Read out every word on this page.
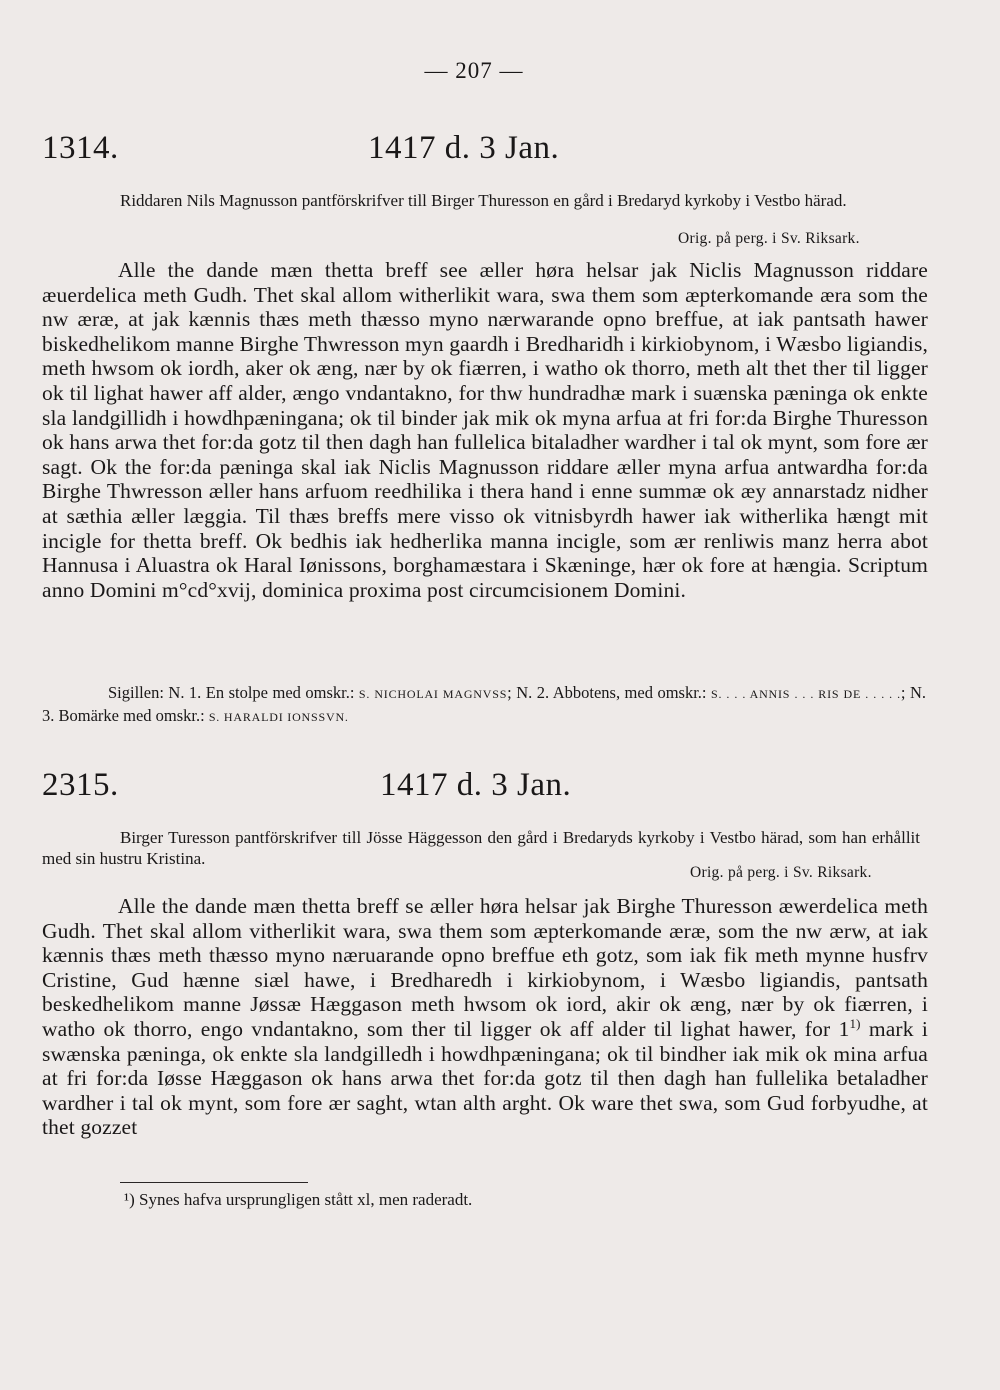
— 207 —
1314.	1417 d. 3 Jan.
Riddaren Nils Magnusson pantförskrifver till Birger Thuresson en gård i Bredaryd kyrkoby i Vestbo härad.
Orig. på perg. i Sv. Riksark.
Alle the dande mæn thetta breff see æller høra helsar jak Niclis Magnusson riddare æuerdelica meth Gudh. Thet skal allom witherlikit wara, swa them som æpterkomande æra som the nw æræ, at jak kænnis thæs meth thæsso myno nærwarande opno breffue, at iak pantsath hawer biskedhelikom manne Birghe Thwresson myn gaardh i Bredharidh i kirkiobynom, i Wæsbo ligiandis, meth hwsom ok iordh, aker ok æng, nær by ok fiærren, i watho ok thorro, meth alt thet ther til ligger ok til lighat hawer aff alder, ængo vndantakno, for thw hundradhæ mark i suænska pæninga ok enkte sla landgillidh i howdhpæningana; ok til binder jak mik ok myna arfua at fri for:da Birghe Thuresson ok hans arwa thet for:da gotz til then dagh han fullelica bitaladher wardher i tal ok mynt, som fore ær sagt. Ok the for:da pæninga skal iak Niclis Magnusson riddare æller myna arfua antwardha for:da Birghe Thwresson æller hans arfuom reedhilika i thera hand i enne summæ ok æy annarstadz nidher at sæthia æller læggia. Til thæs breffs mere visso ok vitnisbyrdh hawer iak witherlika hængt mit incigle for thetta breff. Ok bedhis iak hedherlika manna incigle, som ær renliwis manz herra abot Hannusa i Aluastra ok Haral Iønissons, borghamæstara i Skæninge, hær ok fore at hængia. Scriptum anno Domini m°cd°xvij, dominica proxima post circumcisionem Domini.
Sigillen: N. 1. En stolpe med omskr.: S. NICHOLAI MAGNVSS; N. 2. Abbotens, med omskr.: S. . . . ANNIS . . . RIS DE . . . . .; N. 3. Bomärke med omskr.: S. HARALDI IONSSVN.
2315.	1417 d. 3 Jan.
Birger Turesson pantförskrifver till Jösse Häggesson den gård i Bredaryds kyrkoby i Vestbo härad, som han erhållit med sin hustru Kristina.
Orig. på perg. i Sv. Riksark.
Alle the dande mæn thetta breff se æller høra helsar jak Birghe Thuresson æwerdelica meth Gudh. Thet skal allom vitherlikit wara, swa them som æpterkomande æræ, som the nw ærw, at iak kænnis thæs meth thæsso myno næruarande opno breffue eth gotz, som iak fik meth mynne husfrv Cristine, Gud hænne siæl hawe, i Bredharedh i kirkiobynom, i Wæsbo ligiandis, pantsath beskedhelikom manne Jøssæ Hæggason meth hwsom ok iord, akir ok æng, nær by ok fiærren, i watho ok thorro, engo vndantakno, som ther til ligger ok aff alder til lighat hawer, for 1$^{1)}$ mark i swænska pæninga, ok enkte sla landgilledh i howdhpæningana; ok til bindher iak mik ok mina arfua at fri for:da Iøsse Hæggason ok hans arwa thet for:da gotz til then dagh han fullelika betaladher wardher i tal ok mynt, som fore ær saght, wtan alth arght. Ok ware thet swa, som Gud forbyudhe, at thet gozzet
¹) Synes hafva ursprungligen stått xl, men raderadt.
